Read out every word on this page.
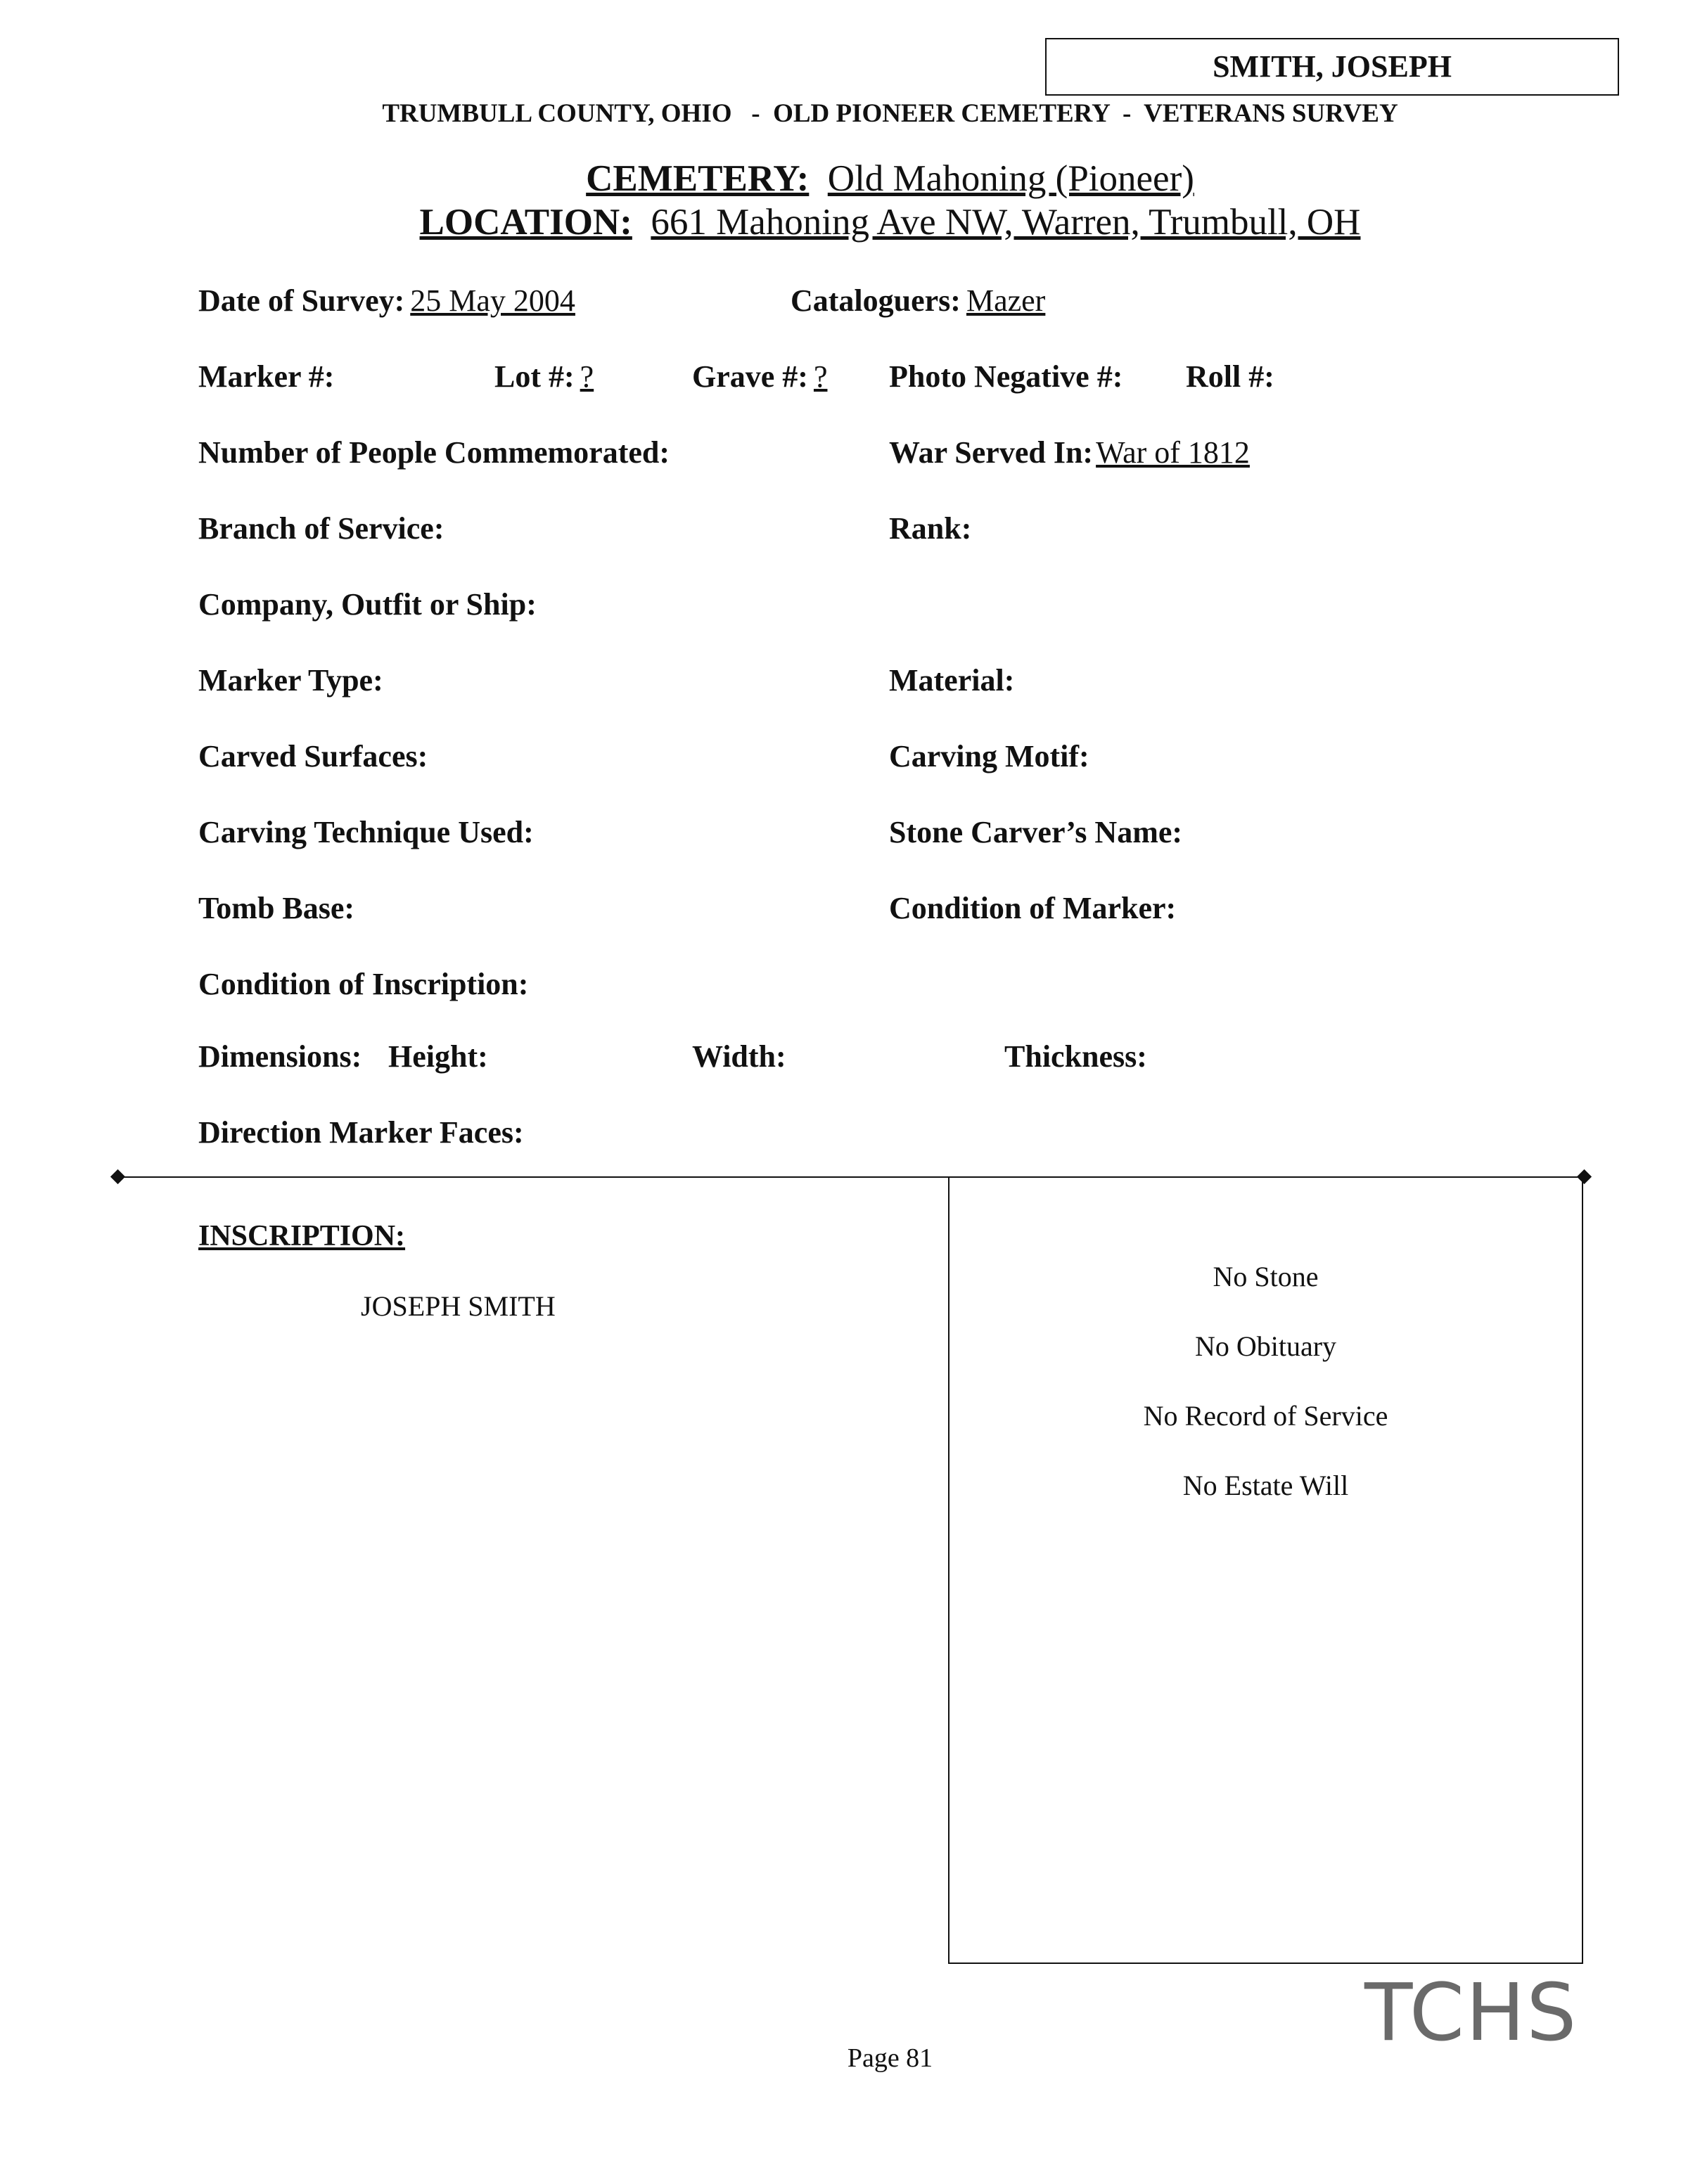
SMITH, JOSEPH
TRUMBULL COUNTY, OHIO   -  OLD PIONEER CEMETERY  -  VETERANS SURVEY
CEMETERY: Old Mahoning (Pioneer)
LOCATION: 661 Mahoning Ave NW, Warren, Trumbull, OH
Date of Survey: 25 May 2004	Cataloguers: Mazer
Marker #:	Lot #: ?	Grave #: ? Photo Negative #: Roll #:
Number of People Commemorated:	War Served In: War of 1812
Branch of Service:	Rank:
Company, Outfit or Ship:
Marker Type:	Material:
Carved Surfaces:	Carving Motif:
Carving Technique Used:	Stone Carver’s Name:
Tomb Base:	Condition of Marker:
Condition of Inscription:
Dimensions: Height:	Width:	Thickness:
Direction Marker Faces:
INSCRIPTION:
JOSEPH SMITH
No Stone
No Obituary
No Record of Service
No Estate Will
TCHS
Page 81
